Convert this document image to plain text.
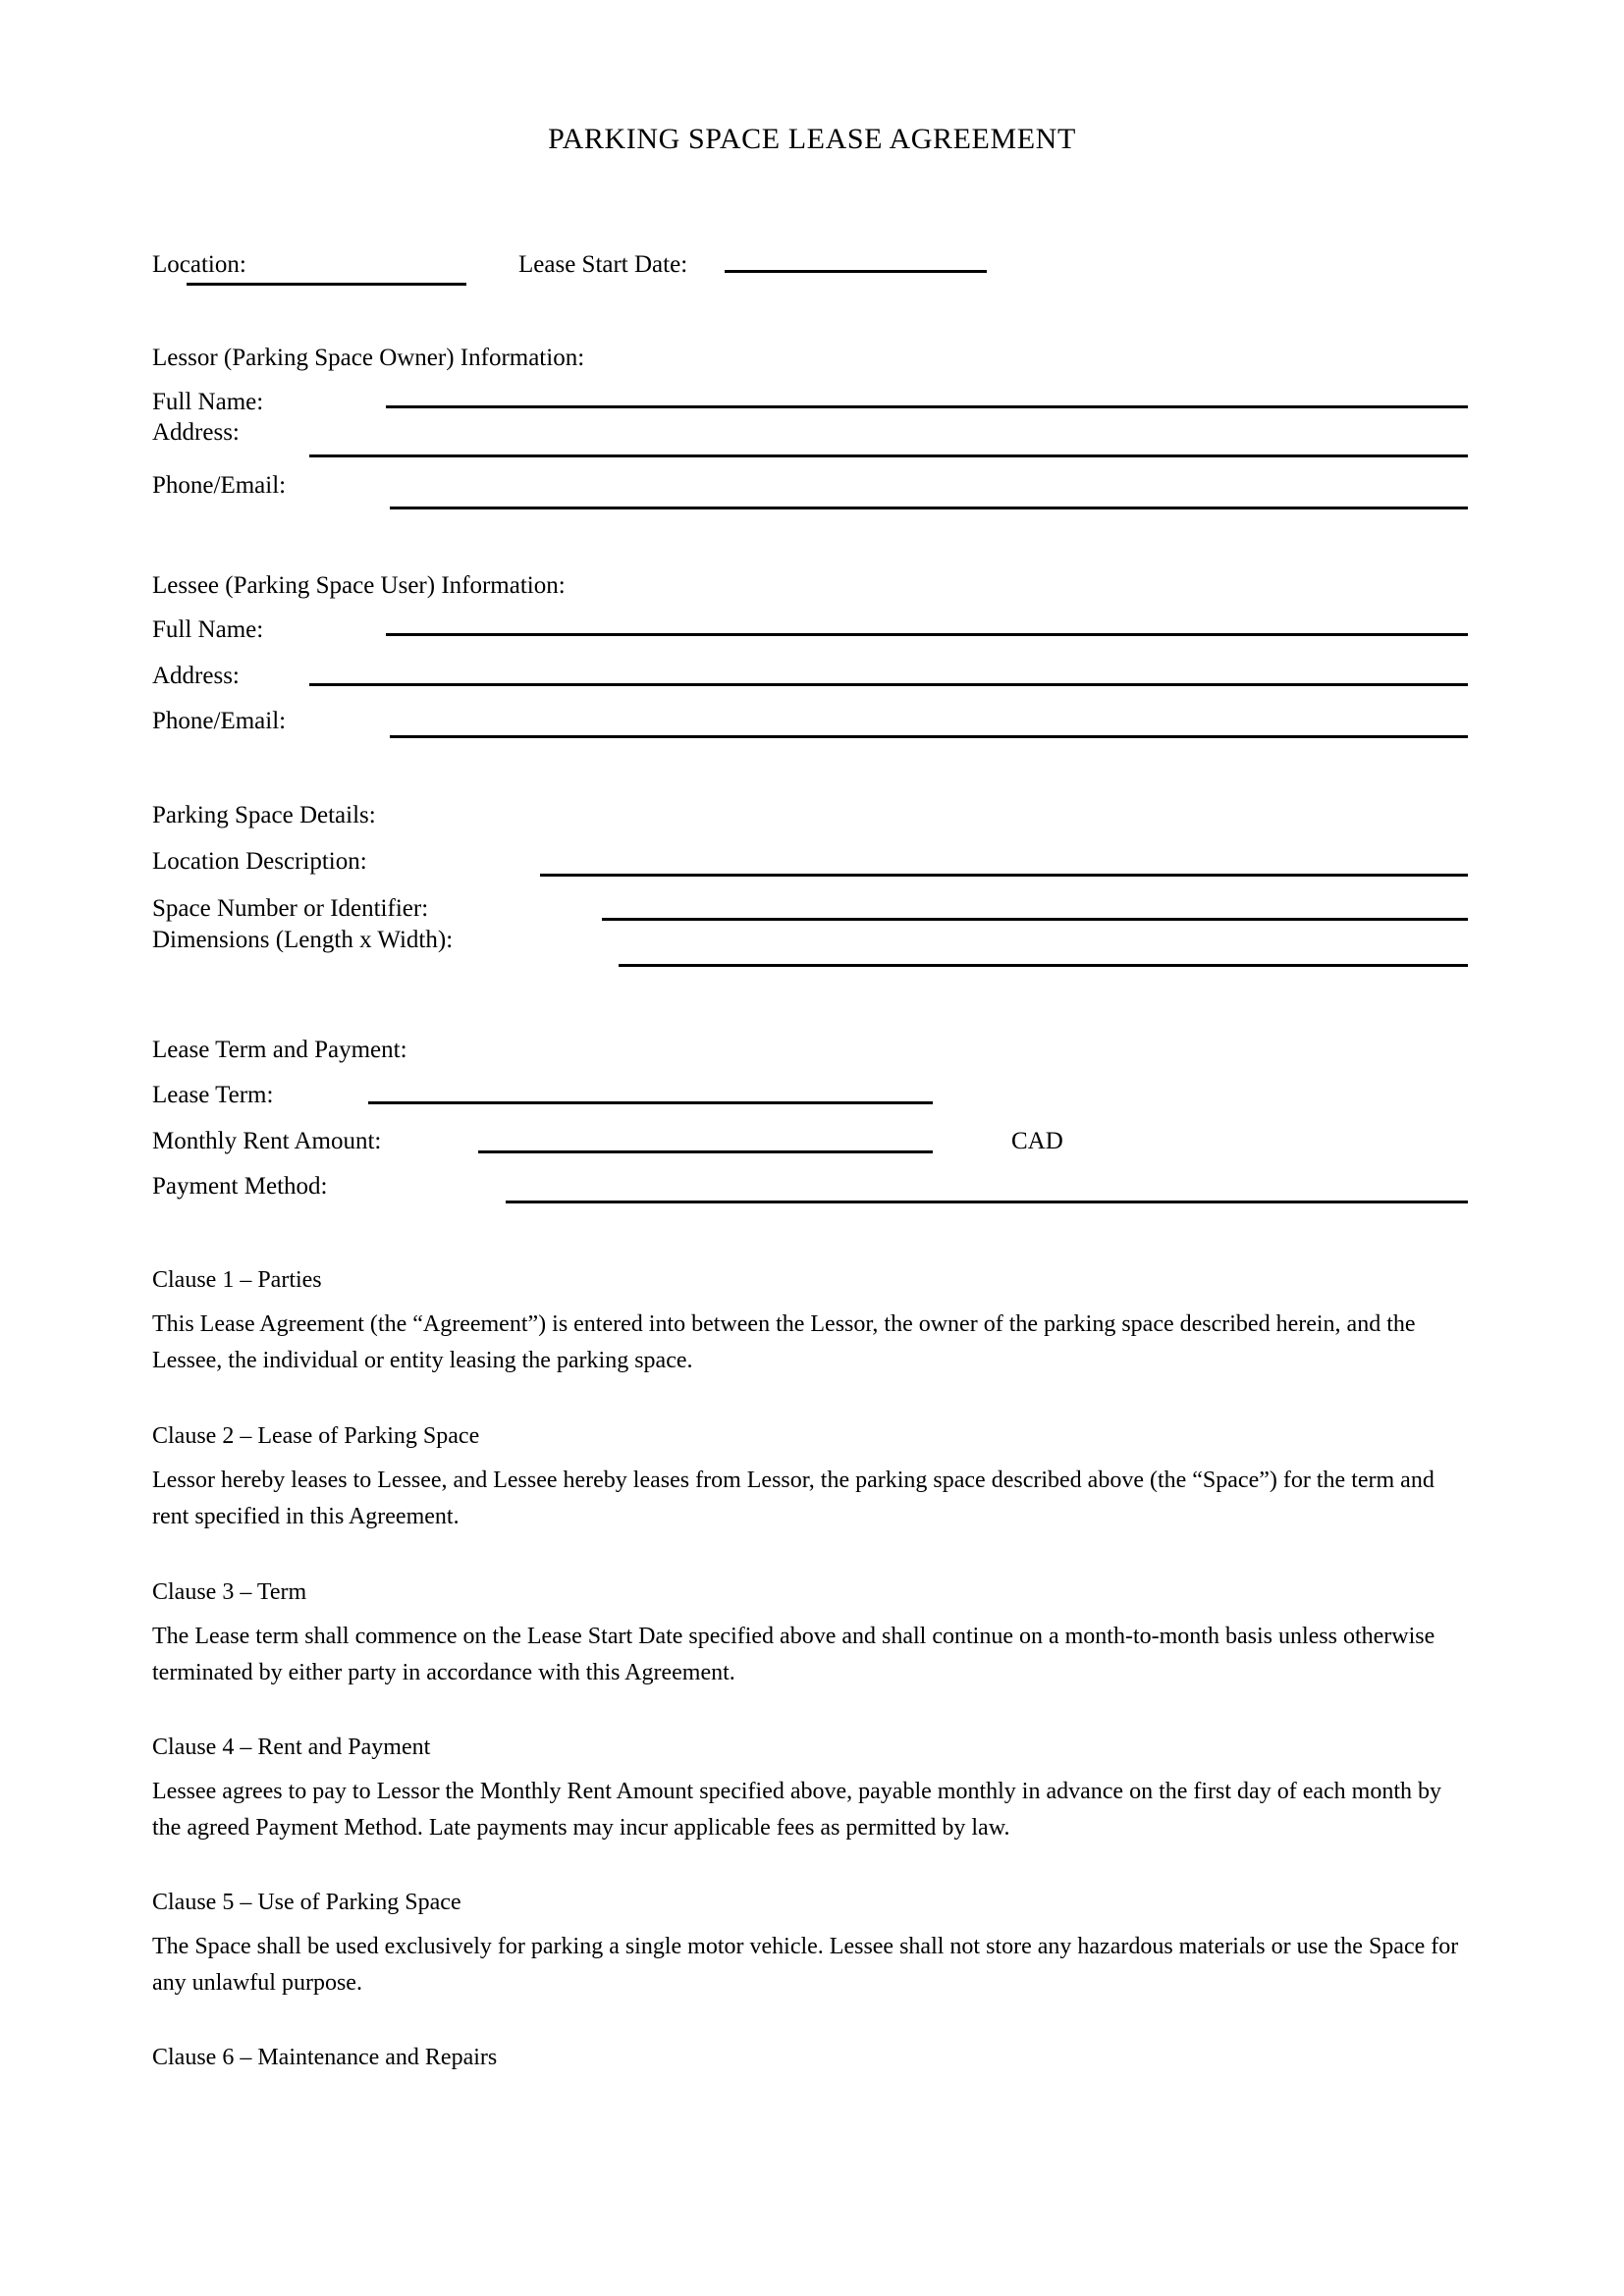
PARKING SPACE LEASE AGREEMENT
Location:	Lease Start Date:
Lessor (Parking Space Owner) Information:
Full Name:
Address:
Phone/Email:
Lessee (Parking Space User) Information:
Full Name:
Address:
Phone/Email:
Parking Space Details:
Location Description:
Space Number or Identifier:
Dimensions (Length x Width):
Lease Term and Payment:
Lease Term:
Monthly Rent Amount:	CAD
Payment Method:
Clause 1 – Parties
This Lease Agreement (the “Agreement”) is entered into between the Lessor, the owner of the parking space described herein, and the Lessee, the individual or entity leasing the parking space.
Clause 2 – Lease of Parking Space
Lessor hereby leases to Lessee, and Lessee hereby leases from Lessor, the parking space described above (the “Space”) for the term and rent specified in this Agreement.
Clause 3 – Term
The Lease term shall commence on the Lease Start Date specified above and shall continue on a month-to-month basis unless otherwise terminated by either party in accordance with this Agreement.
Clause 4 – Rent and Payment
Lessee agrees to pay to Lessor the Monthly Rent Amount specified above, payable monthly in advance on the first day of each month by the agreed Payment Method. Late payments may incur applicable fees as permitted by law.
Clause 5 – Use of Parking Space
The Space shall be used exclusively for parking a single motor vehicle. Lessee shall not store any hazardous materials or use the Space for any unlawful purpose.
Clause 6 – Maintenance and Repairs
